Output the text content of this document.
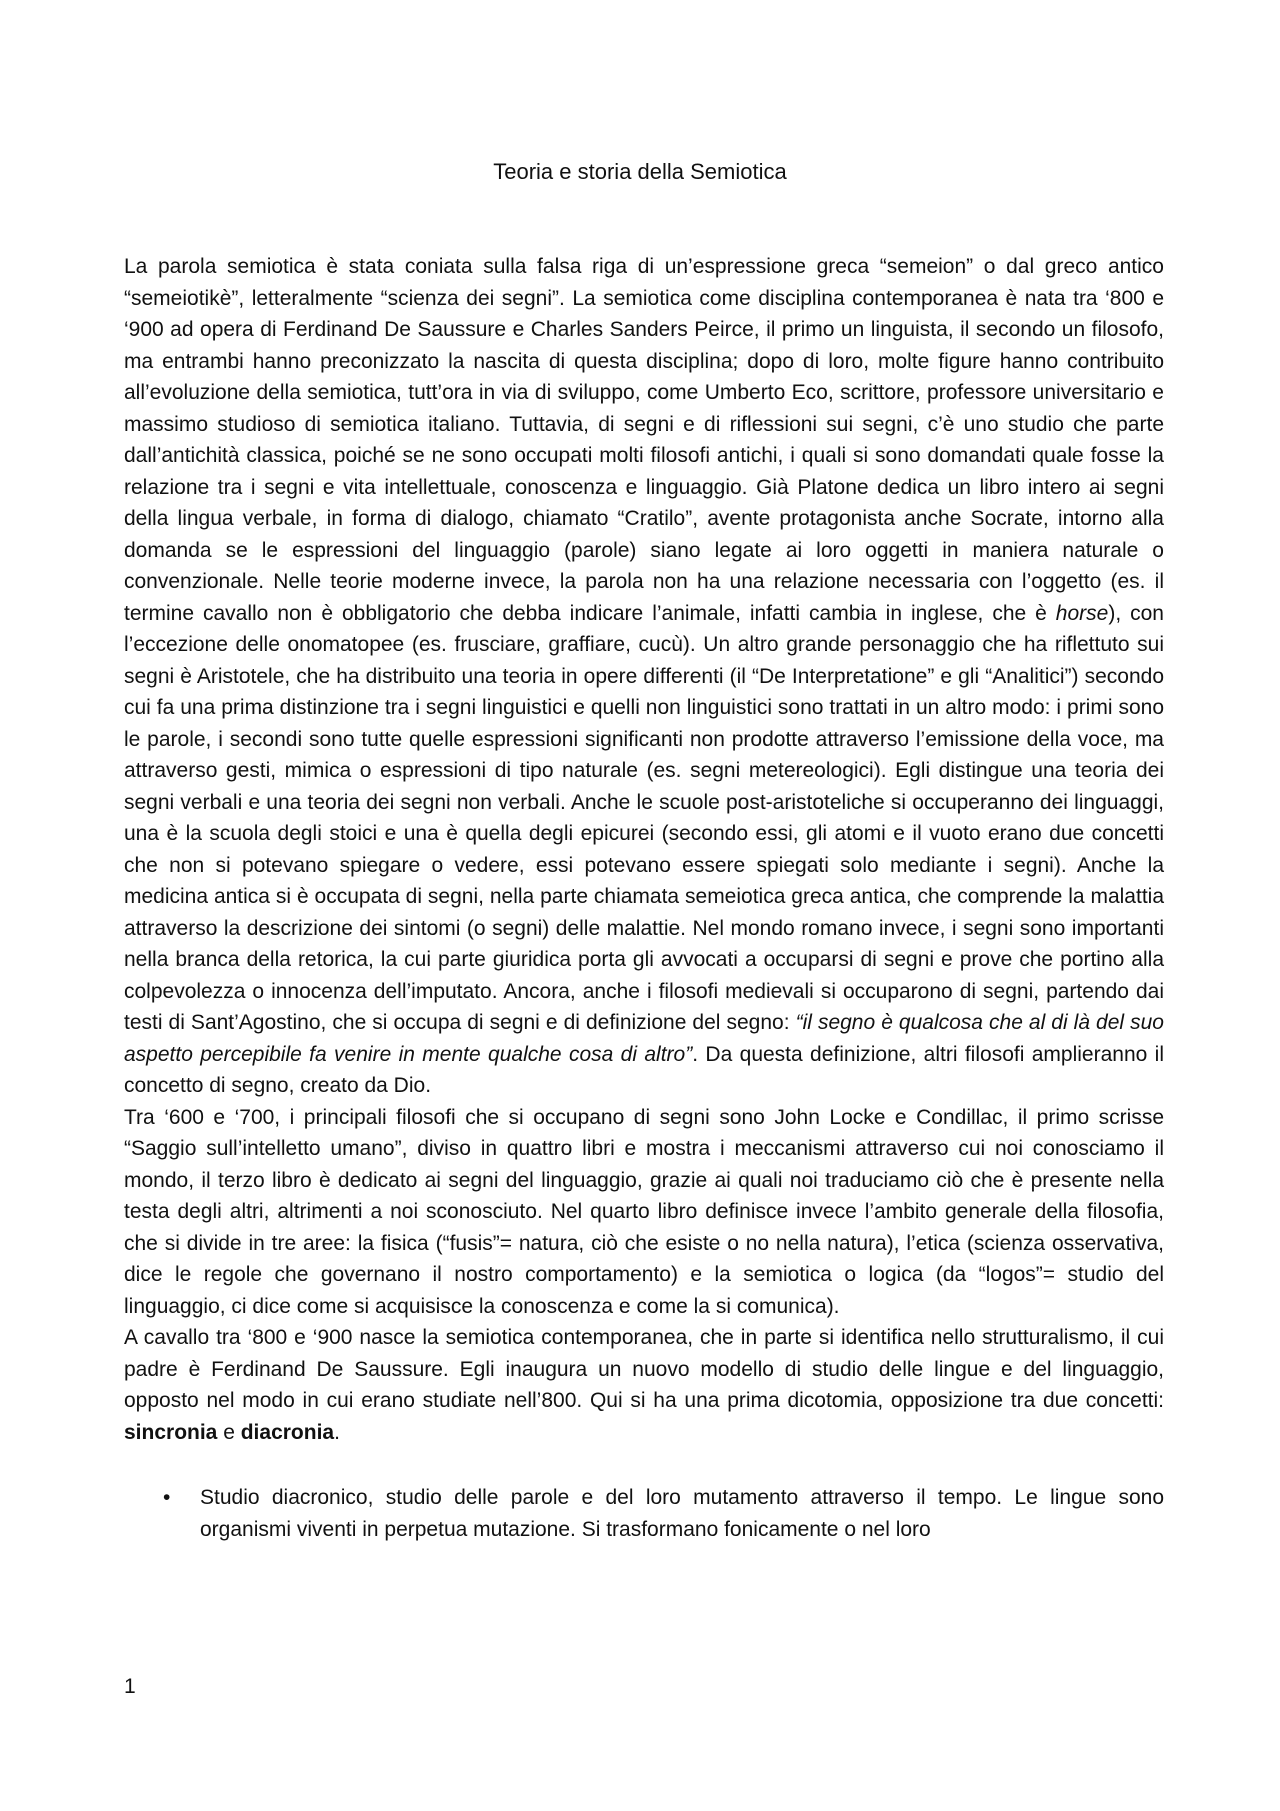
Teoria e storia della Semiotica

La parola semiotica è stata coniata sulla falsa riga di un’espressione greca “semeion” o dal greco antico “semeiotikè”, letteralmente “scienza dei segni”. La semiotica come disciplina contemporanea è nata tra ‘800 e ‘900 ad opera di Ferdinand De Saussure e Charles Sanders Peirce, il primo un linguista, il secondo un filosofo, ma entrambi hanno preconizzato la nascita di questa disciplina; dopo di loro, molte figure hanno contribuito all’evoluzione della semiotica, tutt’ora in via di sviluppo, come Umberto Eco, scrittore, professore universitario e massimo studioso di semiotica italiano. Tuttavia, di segni e di riflessioni sui segni, c’è uno studio che parte dall’antichità classica, poiché se ne sono occupati molti filosofi antichi, i quali si sono domandati quale fosse la relazione tra i segni e vita intellettuale, conoscenza e linguaggio. Già Platone dedica un libro intero ai segni della lingua verbale, in forma di dialogo, chiamato “Cratilo”, avente protagonista anche Socrate, intorno alla domanda se le espressioni del linguaggio (parole) siano legate ai loro oggetti in maniera naturale o convenzionale. Nelle teorie moderne invece, la parola non ha una relazione necessaria con l’oggetto (es. il termine cavallo non è obbligatorio che debba indicare l’animale, infatti cambia in inglese, che è horse), con l’eccezione delle onomatopee (es. frusciare, graffiare, cucù). Un altro grande personaggio che ha riflettuto sui segni è Aristotele, che ha distribuito una teoria in opere differenti (il “De Interpretatione” e gli “Analitici”) secondo cui fa una prima distinzione tra i segni linguistici e quelli non linguistici sono trattati in un altro modo: i primi sono le parole, i secondi sono tutte quelle espressioni significanti non prodotte attraverso l’emissione della voce, ma attraverso gesti, mimica o espressioni di tipo naturale (es. segni metereologici). Egli distingue una teoria dei segni verbali e una teoria dei segni non verbali. Anche le scuole post-aristoteliche si occuperanno dei linguaggi, una è la scuola degli stoici e una è quella degli epicurei (secondo essi, gli atomi e il vuoto erano due concetti che non si potevano spiegare o vedere, essi potevano essere spiegati solo mediante i segni). Anche la medicina antica si è occupata di segni, nella parte chiamata semeiotica greca antica, che comprende la malattia attraverso la descrizione dei sintomi (o segni) delle malattie. Nel mondo romano invece, i segni sono importanti nella branca della retorica, la cui parte giuridica porta gli avvocati a occuparsi di segni e prove che portino alla colpevolezza o innocenza dell’imputato. Ancora, anche i filosofi medievali si occuparono di segni, partendo dai testi di Sant’Agostino, che si occupa di segni e di definizione del segno: “il segno è qualcosa che al di là del suo aspetto percepibile fa venire in mente qualche cosa di altro”. Da questa definizione, altri filosofi amplieranno il concetto di segno, creato da Dio.

Tra ‘600 e ‘700, i principali filosofi che si occupano di segni sono John Locke e Condillac, il primo scrisse “Saggio sull’intelletto umano”, diviso in quattro libri e mostra i meccanismi attraverso cui noi conosciamo il mondo, il terzo libro è dedicato ai segni del linguaggio, grazie ai quali noi traduciamo ciò che è presente nella testa degli altri, altrimenti a noi sconosciuto. Nel quarto libro definisce invece l’ambito generale della filosofia, che si divide in tre aree: la fisica (“fusis”= natura, ciò che esiste o no nella natura), l’etica (scienza osservativa, dice le regole che governano il nostro comportamento) e la semiotica o logica (da “logos”= studio del linguaggio, ci dice come si acquisisce la conoscenza e come la si comunica).

A cavallo tra ‘800 e ‘900 nasce la semiotica contemporanea, che in parte si identifica nello strutturalismo, il cui padre è Ferdinand De Saussure. Egli inaugura un nuovo modello di studio delle lingue e del linguaggio, opposto nel modo in cui erano studiate nell’800. Qui si ha una prima dicotomia, opposizione tra due concetti: sincronia e diacronia.

• Studio diacronico, studio delle parole e del loro mutamento attraverso il tempo. Le lingue sono organismi viventi in perpetua mutazione. Si trasformano fonicamente o nel loro
1
